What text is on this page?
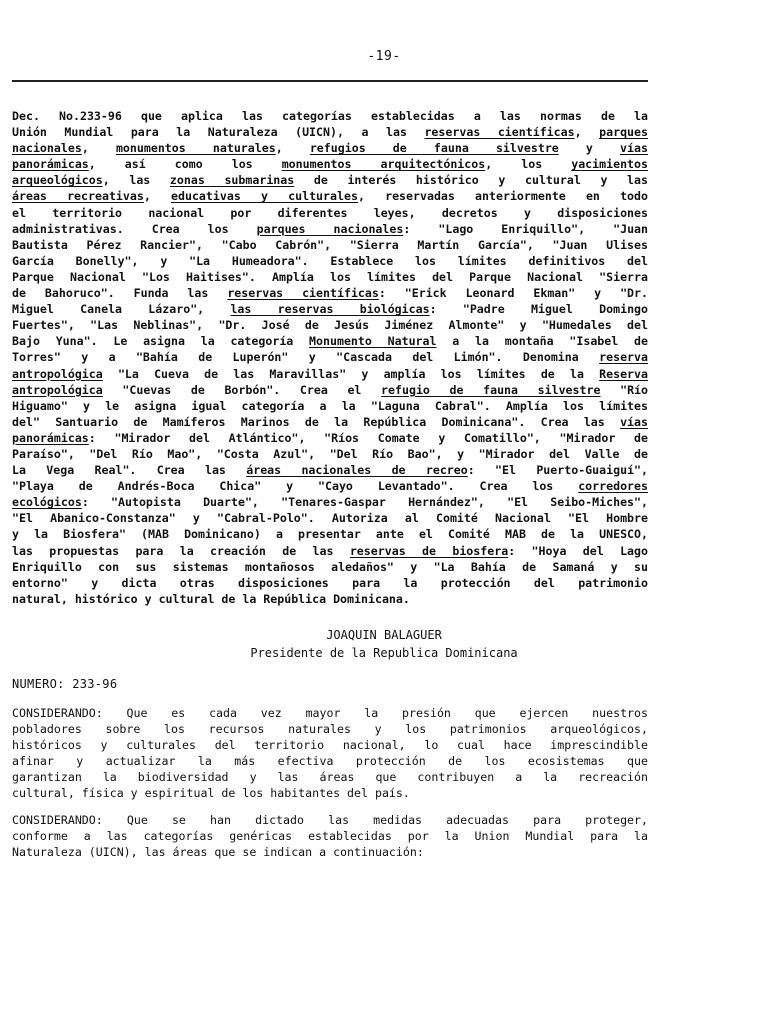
-19-
Dec. No.233-96 que aplica las categorías establecidas a las normas de la
Unión Mundial para la Naturaleza (UICN), a las reservas científicas, parques
nacionales, monumentos naturales, refugios de fauna silvestre y vías
panorámicas, así como los monumentos arquitectónicos, los yacimientos
arqueológicos, las zonas submarinas de interés histórico y cultural y las
áreas recreativas, educativas y culturales, reservadas anteriormente en todo
el territorio nacional por diferentes leyes, decretos y disposiciones
administrativas. Crea los parques nacionales: "Lago Enriquillo", "Juan
Bautista Pérez Rancier", "Cabo Cabrón", "Sierra Martín García", "Juan Ulises
García Bonelly", y "La Humeadora". Establece los límites definitivos del
Parque Nacional "Los Haitises". Amplía los límites del Parque Nacional "Sierra
de Bahoruco". Funda las reservas científicas: "Erick Leonard Ekman" y "Dr.
Miguel Canela Lázaro", las reservas biológicas: "Padre Miguel Domingo
Fuertes", "Las Neblinas", "Dr. José de Jesús Jiménez Almonte" y "Humedales del
Bajo Yuna". Le asigna la categoría Monumento Natural a la montaña "Isabel de
Torres" y a "Bahía de Luperón" y "Cascada del Limón". Denomina reserva
antropológica "La Cueva de las Maravillas" y amplía los límites de la Reserva
antropológica "Cuevas de Borbón". Crea el refugio de fauna silvestre "Río
Higuamo" y le asigna igual categoría a la "Laguna Cabral". Amplía los límites
del" Santuario de Mamíferos Marinos de la República Dominicana". Crea las vías
panorámicas: "Mirador del Atlántico", "Ríos Comate y Comatillo", "Mirador de
Paraíso", "Del Río Mao", "Costa Azul", "Del Río Bao", y "Mirador del Valle de
La Vega Real". Crea las áreas nacionales de recreo: "El Puerto-Guaiguí",
"Playa de Andrés-Boca Chica" y "Cayo Levantado". Crea los corredores
ecológicos: "Autopista Duarte", "Tenares-Gaspar Hernández", "El Seibo-Miches",
"El Abanico-Constanza" y "Cabral-Polo". Autoriza al Comité Nacional "El Hombre
y la Biosfera" (MAB Dominicano) a presentar ante el Comité MAB de la UNESCO,
las propuestas para la creación de las reservas de biosfera: "Hoya del Lago
Enriquillo con sus sistemas montañosos aledaños" y "La Bahía de Samaná y su
entorno" y dicta otras disposiciones para la protección del patrimonio
natural, histórico y cultural de la República Dominicana.
JOAQUIN BALAGUER
Presidente de la Republica Dominicana
NUMERO: 233-96
CONSIDERANDO: Que es cada vez mayor la presión que ejercen nuestros
pobladores sobre los recursos naturales y los patrimonios arqueológicos,
históricos y culturales del territorio nacional, lo cual hace imprescindible
afinar y actualizar la más efectiva protección de los ecosistemas que
garantizan la biodiversidad y las áreas que contribuyen a la recreación
cultural, física y espiritual de los habitantes del país.
CONSIDERANDO: Que se han dictado las medidas adecuadas para proteger,
conforme a las categorías genéricas establecidas por la Union Mundial para la
Naturaleza (UICN), las áreas que se indican a continuación:
